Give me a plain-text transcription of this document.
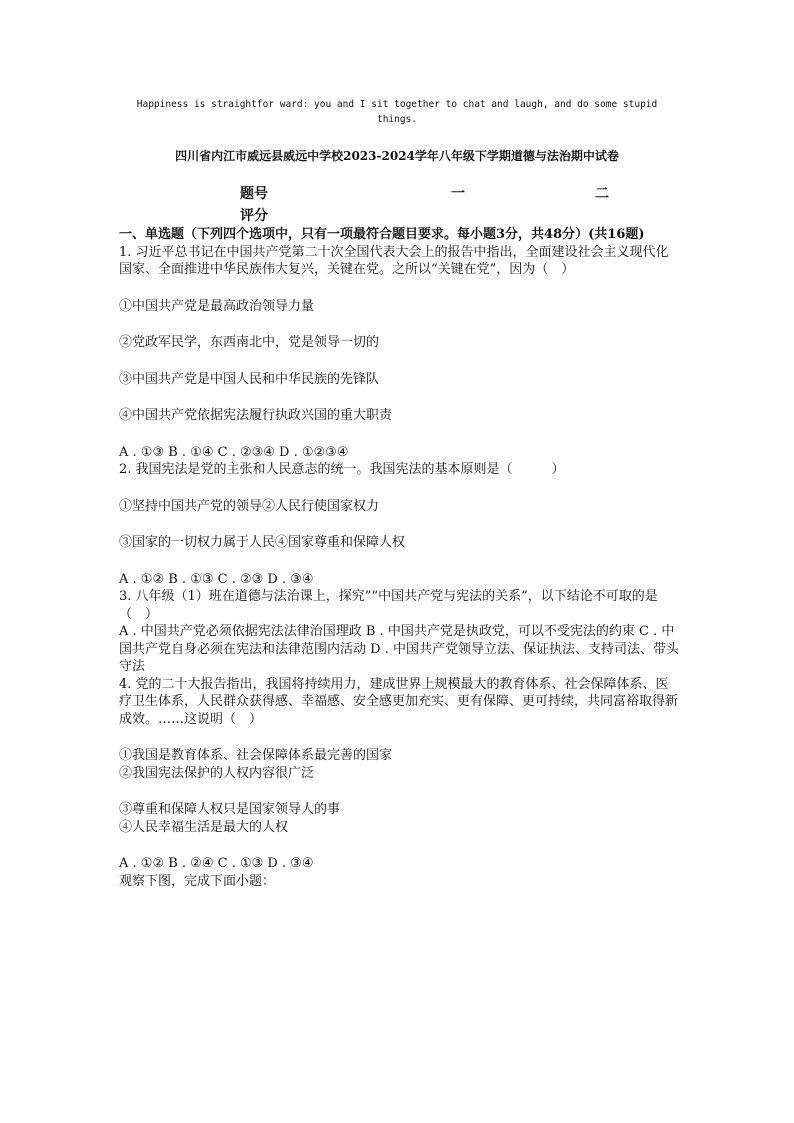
Happiness is straightfor ward: you and I sit together to chat and laugh, and do some stupid things.
四川省内江市威远县威远中学校2023-2024学年八年级下学期道德与法治期中试卷
题号	一	二
评分

一、单选题（下列四个选项中，只有一项最符合题目要求。每小题3分，共48分）(共16题)

1. 习近平总书记在中国共产党第二十次全国代表大会上的报告中指出，全面建设社会主义现代化国家、全面推进中华民族伟大复兴，关键在党。之所以“关键在党”，因为（　）

①中国共产党是最高政治领导力量

②党政军民学，东西南北中，党是领导一切的

③中国共产党是中国人民和中华民族的先锋队

④中国共产党依据宪法履行执政兴国的重大职责

A . ①③ B . ①④ C . ②③④ D . ①②③④

2. 我国宪法是党的主张和人民意志的统一。我国宪法的基本原则是（　　　）

①坚持中国共产党的领导②人民行使国家权力

③国家的一切权力属于人民④国家尊重和保障人权

A . ①② B . ①③ C . ②③ D . ③④

3. 八年级（1）班在道德与法治课上，探究”“中国共产党与宪法的关系”，以下结论不可取的是（　）

A . 中国共产党必须依据宪法法律治国理政 B . 中国共产党是执政党，可以不受宪法的约束 C . 中国共产党自身必须在宪法和法律范围内活动 D . 中国共产党领导立法、保证执法、支持司法、带头守法

4. 党的二十大报告指出，我国将持续用力，建成世界上规模最大的教育体系、社会保障体系、医疗卫生体系，人民群众获得感、幸福感、安全感更加充实、更有保障、更可持续，共同富裕取得新成效。……这说明（　）

①我国是教育体系、社会保障体系最完善的国家

②我国宪法保护的人权内容很广泛

③尊重和保障人权只是国家领导人的事

④人民幸福生活是最大的人权

A . ①② B . ②④ C . ①③ D . ③④

观察下图，完成下面小题：
